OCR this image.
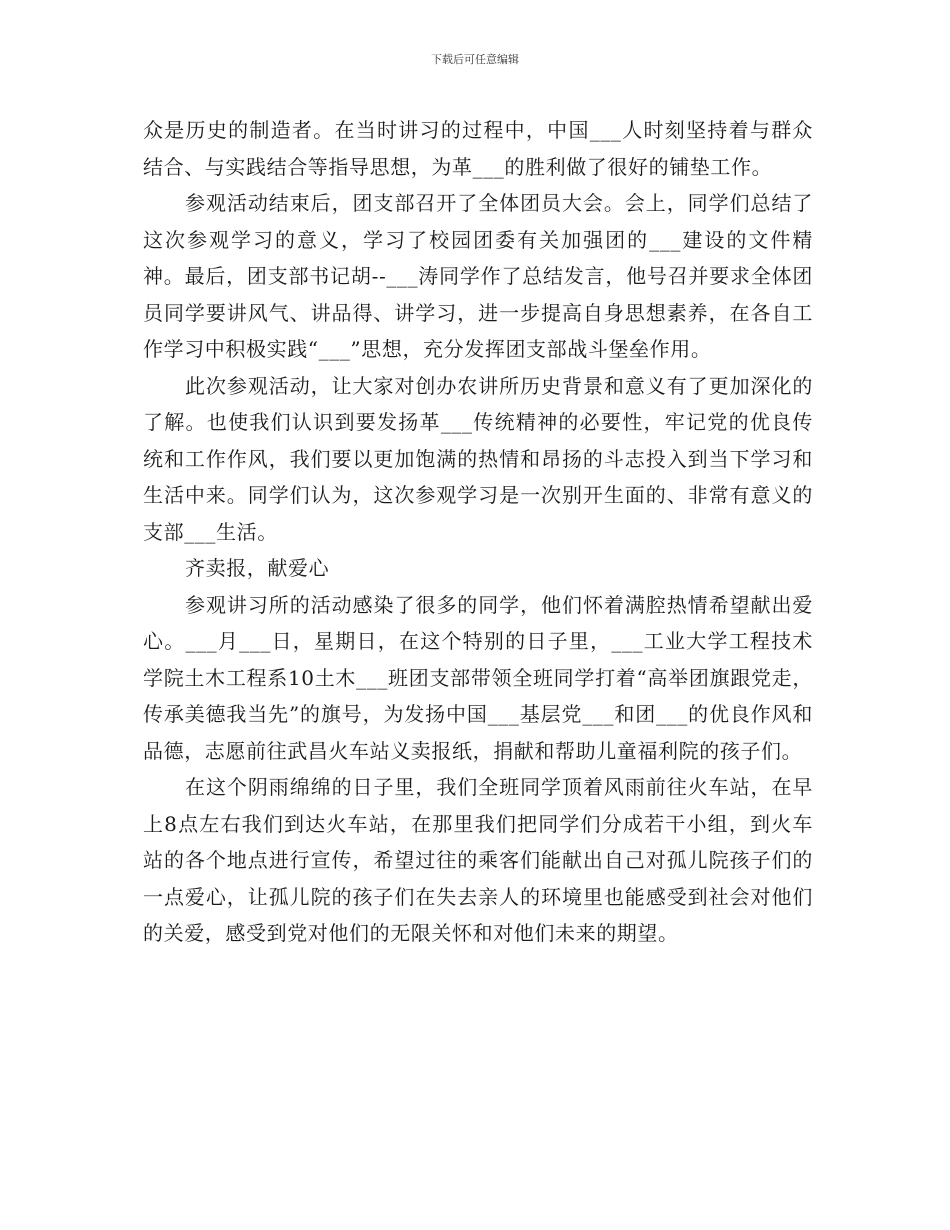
下载后可任意编辑

众是历史的制造者。在当时讲习的过程中，中国___人时刻坚持着与群众结合、与实践结合等指导思想，为革___的胜利做了很好的铺垫工作。

参观活动结束后，团支部召开了全体团员大会。会上，同学们总结了这次参观学习的意义，学习了校园团委有关加强团的___建设的文件精神。最后，团支部书记胡--___涛同学作了总结发言，他号召并要求全体团员同学要讲风气、讲品得、讲学习，进一步提高自身思想素养，在各自工作学习中积极实践“___”思想，充分发挥团支部战斗堡垒作用。

此次参观活动，让大家对创办农讲所历史背景和意义有了更加深化的了解。也使我们认识到要发扬革___传统精神的必要性，牢记党的优良传统和工作作风，我们要以更加饱满的热情和昂扬的斗志投入到当下学习和生活中来。同学们认为，这次参观学习是一次别开生面的、非常有意义的支部___生活。

齐卖报，献爱心

参观讲习所的活动感染了很多的同学，他们怀着满腔热情希望献出爱心。___月___日，星期日，在这个特别的日子里，___工业大学工程技术学院土木工程系10土木___班团支部带领全班同学打着“高举团旗跟党走，传承美德我当先”的旗号，为发扬中国___基层党___和团___的优良作风和品德，志愿前往武昌火车站义卖报纸，捐献和帮助儿童福利院的孩子们。

在这个阴雨绵绵的日子里，我们全班同学顶着风雨前往火车站，在早上8点左右我们到达火车站，在那里我们把同学们分成若干小组，到火车站的各个地点进行宣传，希望过往的乘客们能献出自己对孤儿院孩子们的一点爱心，让孤儿院的孩子们在失去亲人的环境里也能感受到社会对他们的关爱，感受到党对他们的无限关怀和对他们未来的期望。
